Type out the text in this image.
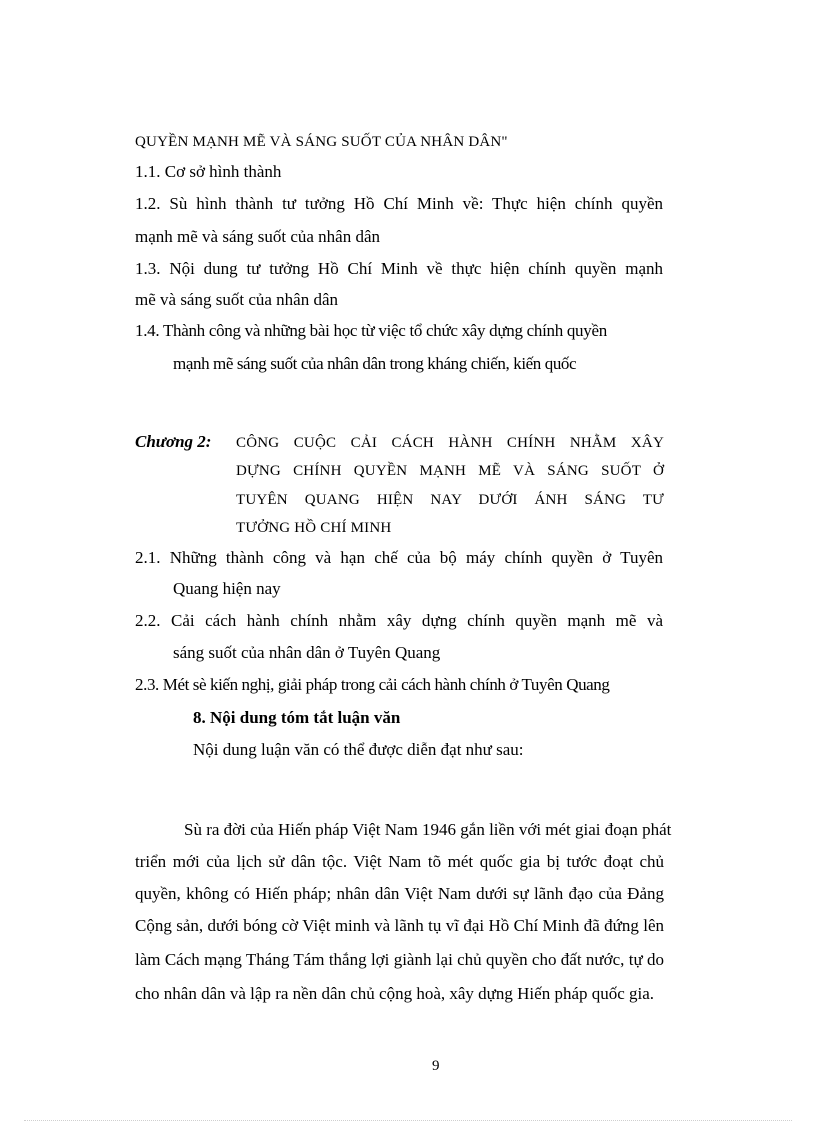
QUYỀN MẠNH MẼ VÀ SÁNG SUỐT CỦA NHÂN DÂN"
1.1. Cơ sở hình thành
1.2. Sù hình thành tư tưởng Hồ Chí Minh về: Thực hiện chính quyền
mạnh mẽ và sáng suốt của nhân dân
1.3. Nội dung tư tưởng Hồ Chí Minh về thực hiện chính quyền mạnh
mẽ và sáng suốt của nhân dân
1.4. Thành công và những bài học từ việc tổ chức xây dựng chính quyền
mạnh mẽ sáng suốt của nhân dân trong kháng chiến, kiến quốc
Chương 2: CÔNG CUỘC CẢI CÁCH HÀNH CHÍNH NHẰM XÂY
DỰNG CHÍNH QUYỀN MẠNH MẼ VÀ SÁNG SUỐT Ở
TUYÊN QUANG HIỆN NAY DƯỚI ÁNH SÁNG TƯ
TƯỞNG HỒ CHÍ MINH
2.1. Những thành công và hạn chế của bộ máy chính quyền ở Tuyên
Quang hiện nay
2.2. Cải cách hành chính nhằm xây dựng chính quyền mạnh mẽ và
sáng suốt của nhân dân ở Tuyên Quang
2.3. Mét sè kiến nghị, giải pháp trong cải cách hành chính ở Tuyên Quang
8. Nội dung tóm tắt luận văn
Nội dung luận văn có thể được diễn đạt như sau:
Sù ra đời của Hiến pháp Việt Nam 1946 gắn liền với mét giai đoạn phát
triển mới của lịch sử dân tộc. Việt Nam tõ mét quốc gia bị tước đoạt chủ
quyền, không có Hiến pháp; nhân dân Việt Nam dưới sự lãnh đạo của Đảng
Cộng sản, dưới bóng cờ Việt minh và lãnh tụ vĩ đại Hồ Chí Minh đã đứng lên
làm Cách mạng Tháng Tám thắng lợi giành lại chủ quyền cho đất nước, tự do
cho nhân dân và lập ra nền dân chủ cộng hoà, xây dựng Hiến pháp quốc gia.
9
